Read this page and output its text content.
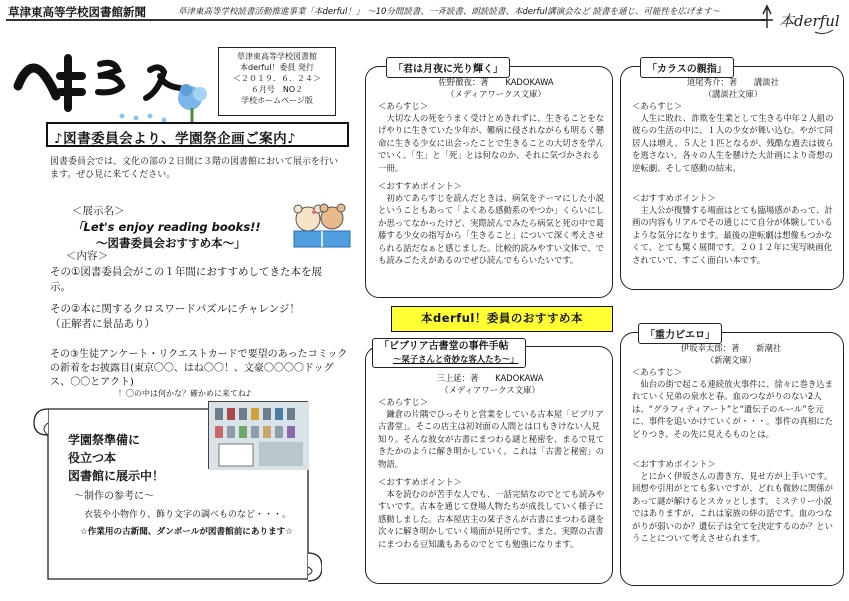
草津東高等学校図書館新聞	草津東高等学校読書活動推進事業「本derful！」 〜10分間読書、一斉読書、朗読読書、本derful講演会など 読書を通じ、可能性を広げます〜	本derful
へぇ〜
草津東高等学校図書館
本derful！委員 発行
＜２０１９．６．２４＞
６月号　NO２
学校ホームページ版
♪図書委員会より、学園祭企画ご案内♪
図書委員会では、文化の部の２日間に３階の図書館において展示を行います。ぜひ見に来てください。
＜展示名＞
「Let's enjoy reading books!!
〜図書委員会おすすめ本〜」
＜内容＞
その①図書委員会がこの１年間におすすめしてきた本を展示。
その②本に関するクロスワードパズルにチャレンジ！
（正解者に景品あり）
その③生徒アンケート・リクエストカードで要望のあったコミックの新着をお披露目(東京〇〇、はね〇〇！、文豪〇〇〇〇ドッグス、〇〇とアクト)
！〇の中は何かな？確かめに来てね♪
学園祭準備に
役立つ本
図書館に展示中！
〜制作の参考に〜
衣装や小物作り、飾り文字の調べものなど・・・。
☆作業用の古新聞、ダンボールが図書館前にあります☆
「君は月夜に光り輝く」
佐野徹夜：著　　KADOKAWA
（メディアワークス文庫）
＜あらすじ＞
大切な人の死をうまく受けとめきれずに、生きることをなげやりに生きていた少年が、難病に侵されながらも明るく懸命に生きる少女に出会ったことで生きることの大切さを学んでいく。「生」と「死」とは何なのか、それに気づかされる一冊。
＜おすすめポイント＞
初めてあらすじを読んだときは、病気をテーマにした小説ということもあって「よくある感動系のやつか」くらいにしか思ってなかったけど、実際読んでみたら病気と死の中で葛藤する少女の指写から「生きること」について深く考えさせられる話だなぁと感じました。比較的読みやすい文体で、でも読みごたえがあるのでぜひ読んでもらいたいです。
「カラスの親指」
道尾秀介：著　　講談社
（講談社文庫）
＜あらすじ＞
人生に敗れ、詐欺を生業として生きる中年２人組の彼らの生活の中に、１人の少女が舞い込む。やがて同居人は増え、５人と１匹となるが、残酷な過去は彼らを逃さない。各々の人生を懸けた大計画により奇想の逆転劇、そして感動の結末。
＜おすすめポイント＞
主人公が復讐する場面はとても臨場感があって、計画の内容もリアルでその通じにて自分が体験しているような気分になります。最後の逆転劇は想像もつかなくて、とても驚く展開です。２０１２年に実写映画化されていて、すごく面白い本です。
本derful！委員のおすすめ本
「ビブリア古書堂の事件手帖
〜栞子さんと奇妙な客人たち〜」
三上延：著　　KADOKAWA
（メディアワークス文庫）
＜あらすじ＞
鎌倉の片隅でひっそりと営業をしている古本屋「ビブリア古書堂」。そこの店主は初対面の人間とは口もきけない人見知り。そんな彼女が古書にまつわる謎と秘密を、まるで見てきたかのように解き明かしていく。これは「古書と秘密」の物語。
＜おすすめポイント＞
本を読むのが苦手な人でも、一話完結なのでとても読みやすいです。古本を通じて登場人物たちが成長していく様子に感動しました。古本屋店主の栞子さんが古書にまつわる謎を次々に解き明かしていく場面が見所です。また、実際の古書にまつわる豆知識もあるのでとても勉強になります。
「重力ピエロ」
伊坂幸太郎：著　　新潮社
（新潮文庫）
＜あらすじ＞
仙台の街で起こる連続放火事件に、徐々に巻き込まれていく兄弟の泉水と春。血のつながりのない2人は、“グラフィティアート”と“遺伝子のルール”を元に、事件を追いかけていくが・・・。事件の真相にたどりつき、その先に見えるものとは。
＜おすすめポイント＞
とにかく伊坂さんの書き方、見せ方が上手いです。回想や引用がとても多いですが、どれも微妙に関係があって謎が解けるとスカッとします。ミステリー小説ではありますが、これは家族の絆の話です。血のつながりが弱いのか？遺伝子は全てを決定するのか？ということについて考えさせられます。
